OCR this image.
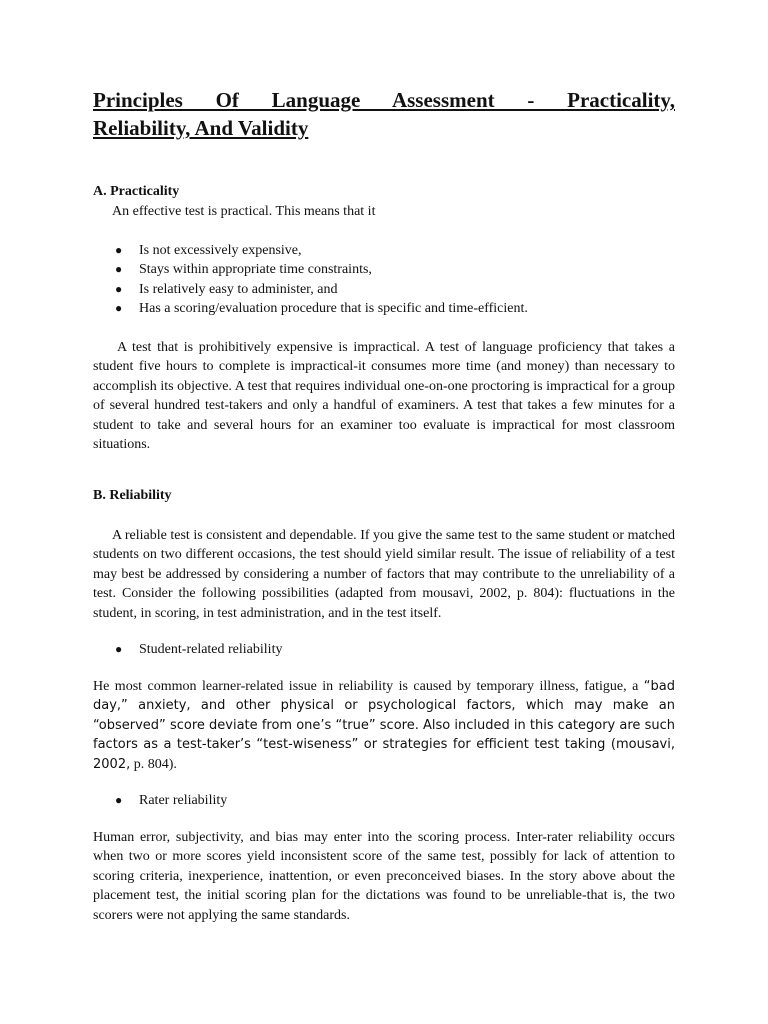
Principles Of Language Assessment - Practicality,
Reliability, And Validity
A. Practicality

An effective test is practical. This means that it

● Is not excessively expensive,
● Stays within appropriate time constraints,
● Is relatively easy to administer, and
● Has a scoring/evaluation procedure that is specific and time-efficient.

A test that is prohibitively expensive is impractical. A test of language proficiency that takes a student five hours to complete is impractical-it consumes more time (and money) than necessary to accomplish its objective. A test that requires individual one-on-one proctoring is impractical for a group of several hundred test-takers and only a handful of examiners. A test that takes a few minutes for a student to take and several hours for an examiner too evaluate is impractical for most classroom situations.

B. Reliability

A reliable test is consistent and dependable. If you give the same test to the same student or matched students on two different occasions, the test should yield similar result. The issue of reliability of a test may best be addressed by considering a number of factors that may contribute to the unreliability of a test. Consider the following possibilities (adapted from mousavi, 2002, p. 804): fluctuations in the student, in scoring, in test administration, and in the test itself.

● Student-related reliability

He most common learner-related issue in reliability is caused by temporary illness, fatigue, a “bad day,” anxiety, and other physical or psychological factors, which may make an “observed” score deviate from one’s “true” score. Also included in this category are such factors as a test-taker’s “test-wiseness” or strategies for efficient test taking (mousavi, 2002, p. 804).

● Rater reliability

Human error, subjectivity, and bias may enter into the scoring process. Inter-rater reliability occurs when two or more scores yield inconsistent score of the same test, possibly for lack of attention to scoring criteria, inexperience, inattention, or even preconceived biases. In the story above about the placement test, the initial scoring plan for the dictations was found to be unreliable-that is, the two scorers were not applying the same standards.
